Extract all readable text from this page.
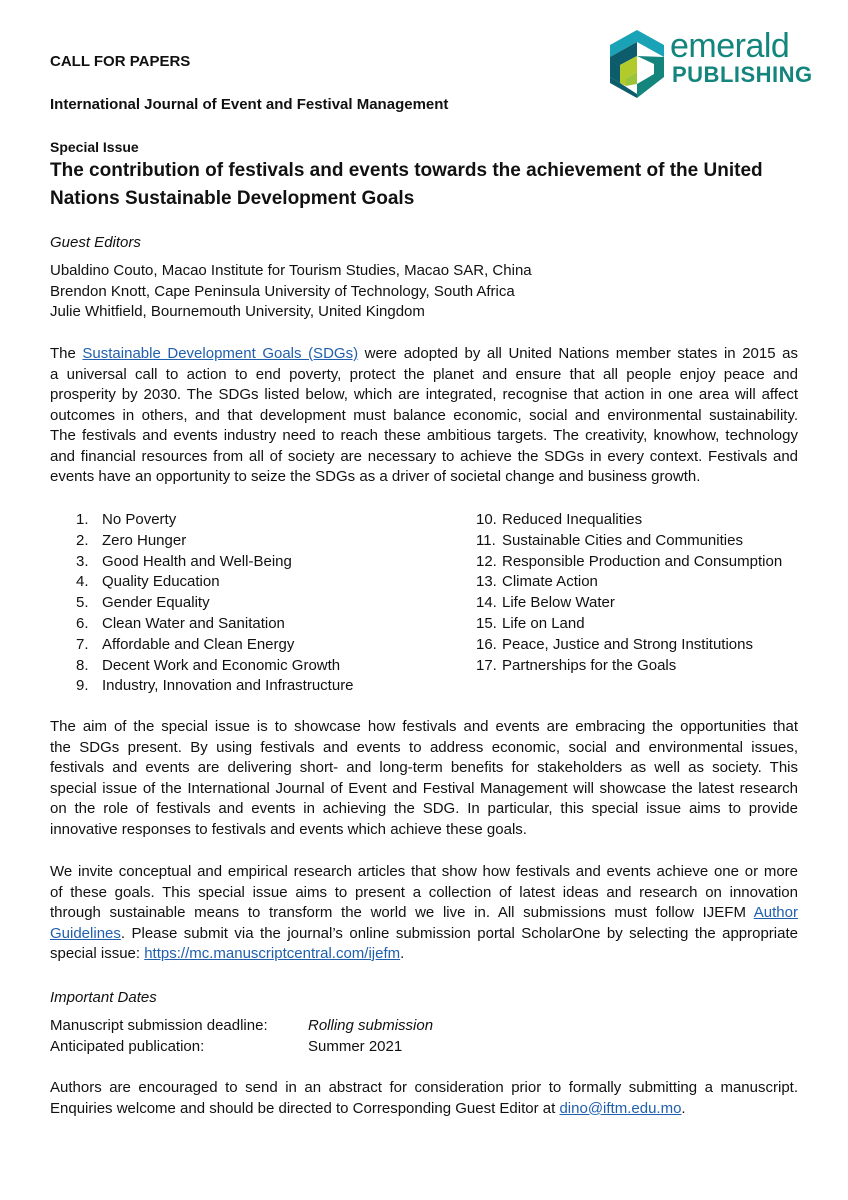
emerald
PUBLISHING
CALL FOR PAPERS
International Journal of Event and Festival Management
Special Issue
The contribution of festivals and events towards the achievement of the United
Nations Sustainable Development Goals
Guest Editors
Ubaldino Couto, Macao Institute for Tourism Studies, Macao SAR, China
Brendon Knott, Cape Peninsula University of Technology, South Africa
Julie Whitfield, Bournemouth University, United Kingdom
The Sustainable Development Goals (SDGs) were adopted by all United Nations member states in 2015 as
a universal call to action to end poverty, protect the planet and ensure that all people enjoy peace and
prosperity by 2030. The SDGs listed below, which are integrated, recognise that action in one area will affect
outcomes in others, and that development must balance economic, social and environmental sustainability.
The festivals and events industry need to reach these ambitious targets. The creativity, knowhow, technology
and financial resources from all of society are necessary to achieve the SDGs in every context. Festivals and
events have an opportunity to seize the SDGs as a driver of societal change and business growth.
1. No Poverty
2. Zero Hunger
3. Good Health and Well-Being
4. Quality Education
5. Gender Equality
6. Clean Water and Sanitation
7. Affordable and Clean Energy
8. Decent Work and Economic Growth
9. Industry, Innovation and Infrastructure
10. Reduced Inequalities
11. Sustainable Cities and Communities
12. Responsible Production and Consumption
13. Climate Action
14. Life Below Water
15. Life on Land
16. Peace, Justice and Strong Institutions
17. Partnerships for the Goals
The aim of the special issue is to showcase how festivals and events are embracing the opportunities that
the SDGs present. By using festivals and events to address economic, social and environmental issues,
festivals and events are delivering short- and long-term benefits for stakeholders as well as society. This
special issue of the International Journal of Event and Festival Management will showcase the latest research
on the role of festivals and events in achieving the SDG. In particular, this special issue aims to provide
innovative responses to festivals and events which achieve these goals.
We invite conceptual and empirical research articles that show how festivals and events achieve one or more
of these goals. This special issue aims to present a collection of latest ideas and research on innovation
through sustainable means to transform the world we live in. All submissions must follow IJEFM Author
Guidelines. Please submit via the journal’s online submission portal ScholarOne by selecting the appropriate
special issue: https://mc.manuscriptcentral.com/ijefm.
Important Dates
Manuscript submission deadline:	Rolling submission
Anticipated publication:	Summer 2021
Authors are encouraged to send in an abstract for consideration prior to formally submitting a manuscript.
Enquiries welcome and should be directed to Corresponding Guest Editor at dino@iftm.edu.mo.
